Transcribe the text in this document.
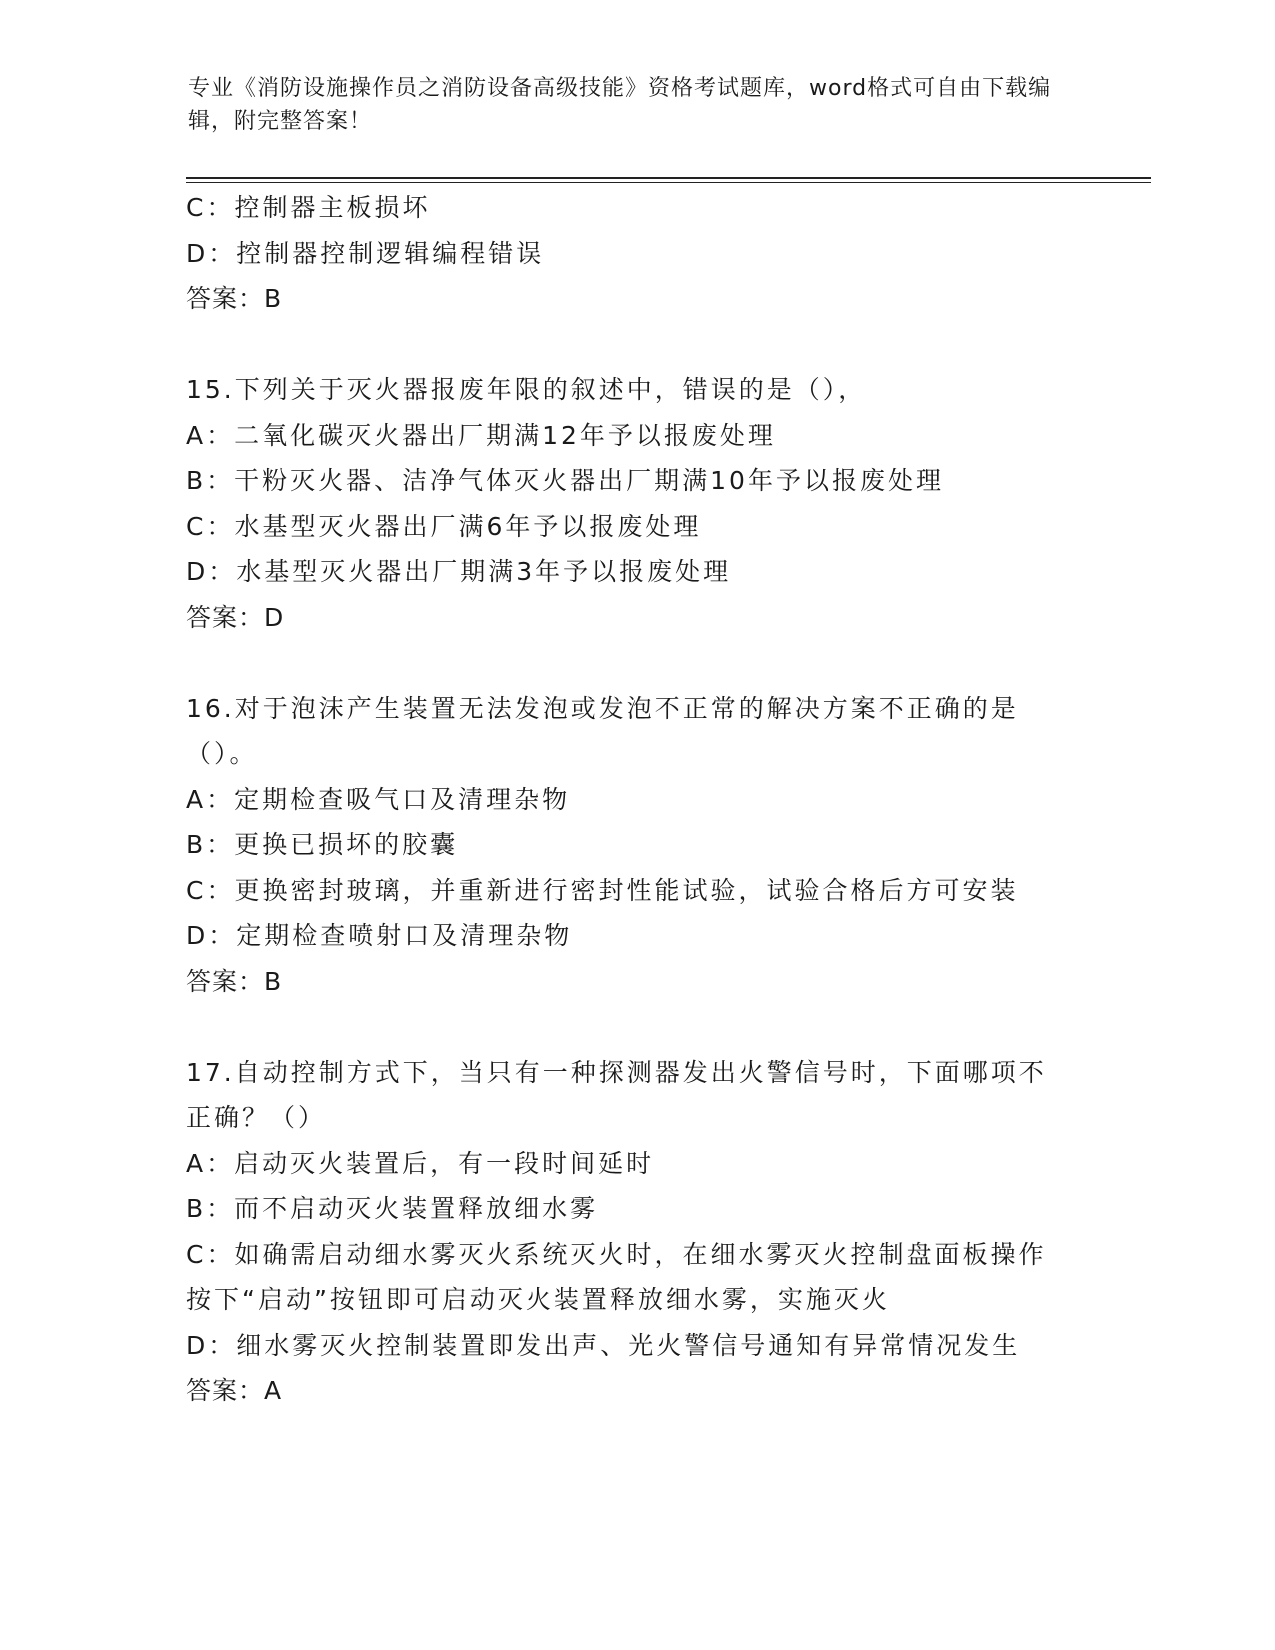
专业《消防设施操作员之消防设备高级技能》资格考试题库，word格式可自由下载编辑，附完整答案！
C：控制器主板损坏
D：控制器控制逻辑编程错误
答案：B
15.下列关于灭火器报废年限的叙述中，错误的是（），
A：二氧化碳灭火器出厂期满12年予以报废处理
B：干粉灭火器、洁净气体灭火器出厂期满10年予以报废处理
C：水基型灭火器出厂满6年予以报废处理
D：水基型灭火器出厂期满3年予以报废处理
答案：D
16.对于泡沫产生装置无法发泡或发泡不正常的解决方案不正确的是（）。
A：定期检查吸气口及清理杂物
B：更换已损坏的胶囊
C：更换密封玻璃，并重新进行密封性能试验，试验合格后方可安装
D：定期检查喷射口及清理杂物
答案：B
17.自动控制方式下，当只有一种探测器发出火警信号时，下面哪项不正确？（）
A：启动灭火装置后，有一段时间延时
B：而不启动灭火装置释放细水雾
C：如确需启动细水雾灭火系统灭火时，在细水雾灭火控制盘面板操作按下“启动”按钮即可启动灭火装置释放细水雾，实施灭火
D：细水雾灭火控制装置即发出声、光火警信号通知有异常情况发生
答案：A
